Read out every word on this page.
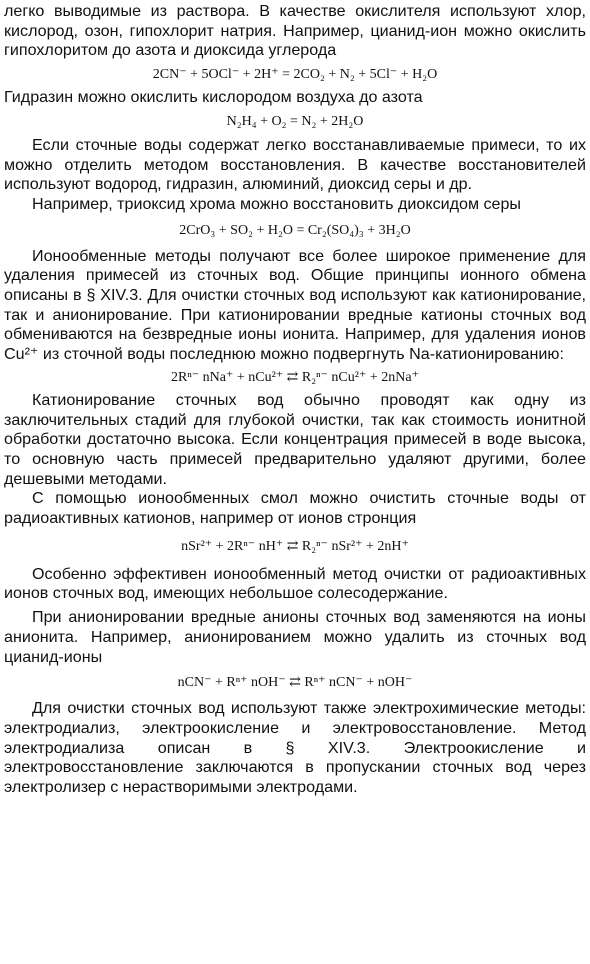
легко выводимые из раствора. В качестве окислителя используют хлор, кислород, озон, гипохлорит натрия. Например, цианид-ион можно окислить гипохлоритом до азота и диоксида углерода

2CN⁻ + 5OCl⁻ + 2H⁺ = 2CO₂ + N₂ + 5Cl⁻ + H₂O

Гидразин можно окислить кислородом воздуха до азота

N₂H₄ + O₂ = N₂ + 2H₂O

Если сточные воды содержат легко восстанавливаемые примеси, то их можно отделить методом восстановления. В качестве восстановителей используют водород, гидразин, алюминий, диоксид серы и др.

Например, триоксид хрома можно восстановить диоксидом серы

2CrO₃ + SO₂ + H₂O = Cr₂(SO₄)₃ + 3H₂O

Ионообменные методы получают все более широкое применение для удаления примесей из сточных вод. Общие принципы ионного обмена описаны в § XIV.3. Для очистки сточных вод используют как катионирование, так и анионирование. При катионировании вредные катионы сточных вод обмениваются на безвредные ионы ионита. Например, для удаления ионов Cu²⁺ из сточной воды последнюю можно подвергнуть Na-катионированию:

2Rⁿ⁻ nNa⁺ + nCu²⁺ ⇄ R₂ⁿ⁻ nCu²⁺ + 2nNa⁺

Катионирование сточных вод обычно проводят как одну из заключительных стадий для глубокой очистки, так как стоимость ионитной обработки достаточно высока. Если концентрация примесей в воде высока, то основную часть примесей предварительно удаляют другими, более дешевыми методами.

С помощью ионообменных смол можно очистить сточные воды от радиоактивных катионов, например от ионов стронция

nSr²⁺ + 2Rⁿ⁻ nH⁺ ⇄ R₂ⁿ⁻ nSr²⁺ + 2nH⁺

Особенно эффективен ионообменный метод очистки от радиоактивных ионов сточных вод, имеющих небольшое солесодержание.

При анионировании вредные анионы сточных вод заменяются на ионы анионита. Например, анионированием можно удалить из сточных вод цианид-ионы

nCN⁻ + Rⁿ⁺ nOH⁻ ⇄ Rⁿ⁺ nCN⁻ + nOH⁻

Для очистки сточных вод используют также электрохимические методы: электродиализ, электроокисление и электровосстановление. Метод электродиализа описан в § XIV.3. Электроокисление и электровосстановление заключаются в пропускании сточных вод через электролизер с нерастворимыми электродами.
